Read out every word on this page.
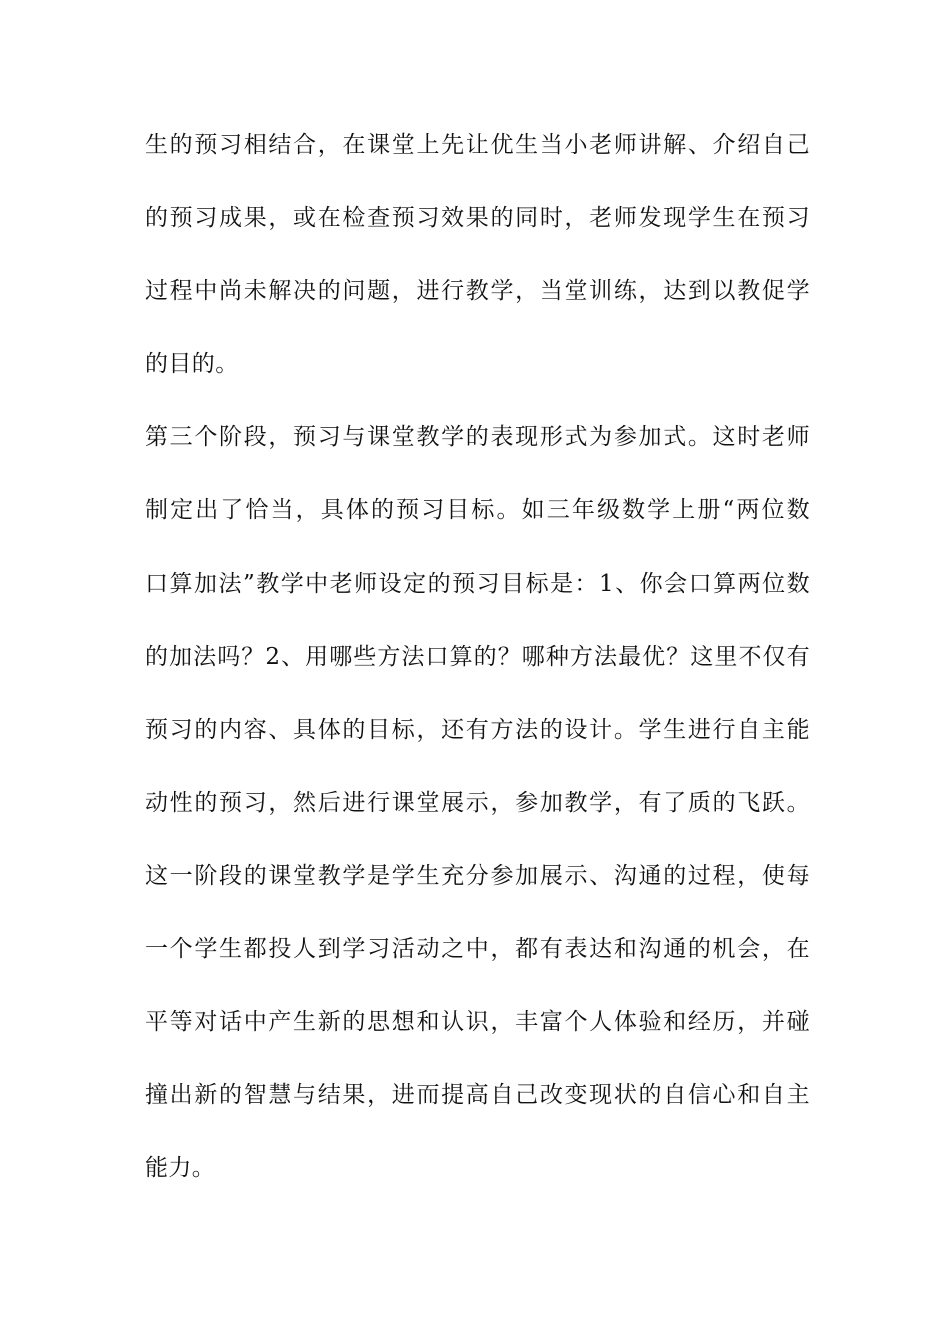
生的预习相结合，在课堂上先让优生当小老师讲解、介绍自己
的预习成果，或在检查预习效果的同时，老师发现学生在预习
过程中尚未解决的问题，进行教学，当堂训练，达到以教促学
的目的。
第三个阶段，预习与课堂教学的表现形式为参加式。这时老师
制定出了恰当，具体的预习目标。如三年级数学上册“两位数
口算加法”教学中老师设定的预习目标是：1、你会口算两位数
的加法吗？2、用哪些方法口算的？哪种方法最优？这里不仅有
预习的内容、具体的目标，还有方法的设计。学生进行自主能
动性的预习，然后进行课堂展示，参加教学，有了质的飞跃。
这一阶段的课堂教学是学生充分参加展示、沟通的过程，使每
一个学生都投人到学习活动之中，都有表达和沟通的机会，在
平等对话中产生新的思想和认识，丰富个人体验和经历，并碰
撞出新的智慧与结果，进而提高自己改变现状的自信心和自主
能力。
